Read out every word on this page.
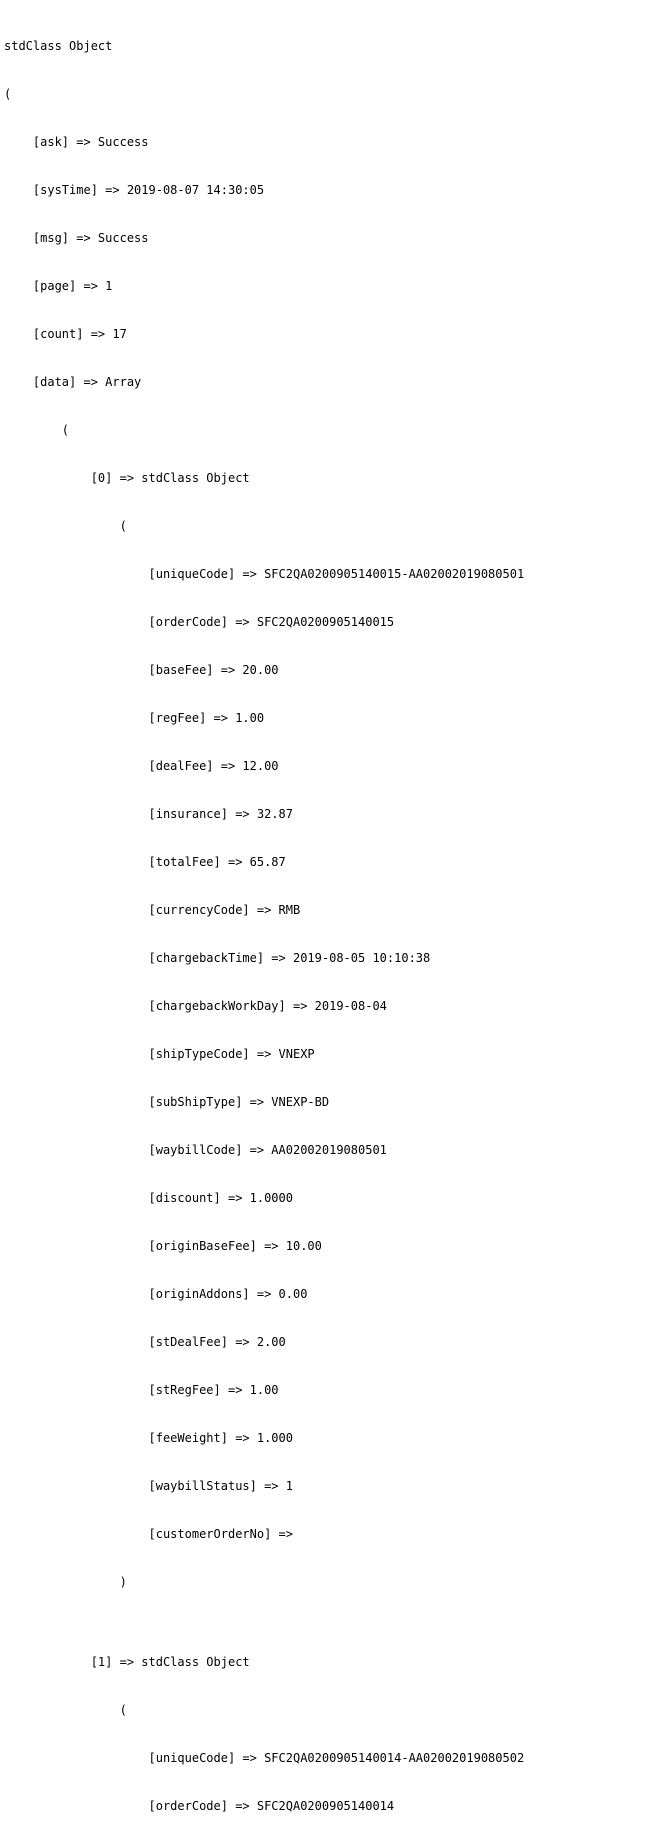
stdClass Object

(

[ask] => Success

[sysTime] => 2019-08-07 14:30:05

[msg] => Success

[page] => 1

[count] => 17

[data] => Array

(

[0] => stdClass Object

(

[uniqueCode] => SFC2QA0200905140015-AA02002019080501

[orderCode] => SFC2QA0200905140015

[baseFee] => 20.00

[regFee] => 1.00

[dealFee] => 12.00

[insurance] => 32.87

[totalFee] => 65.87

[currencyCode] => RMB

[chargebackTime] => 2019-08-05 10:10:38

[chargebackWorkDay] => 2019-08-04

[shipTypeCode] => VNEXP

[subShipType] => VNEXP-BD

[waybillCode] => AA02002019080501

[discount] => 1.0000

[originBaseFee] => 10.00

[originAddons] => 0.00

[stDealFee] => 2.00

[stRegFee] => 1.00

[feeWeight] => 1.000

[waybillStatus] => 1

[customerOrderNo] =>

)

[1] => stdClass Object

(

[uniqueCode] => SFC2QA0200905140014-AA02002019080502

[orderCode] => SFC2QA0200905140014
